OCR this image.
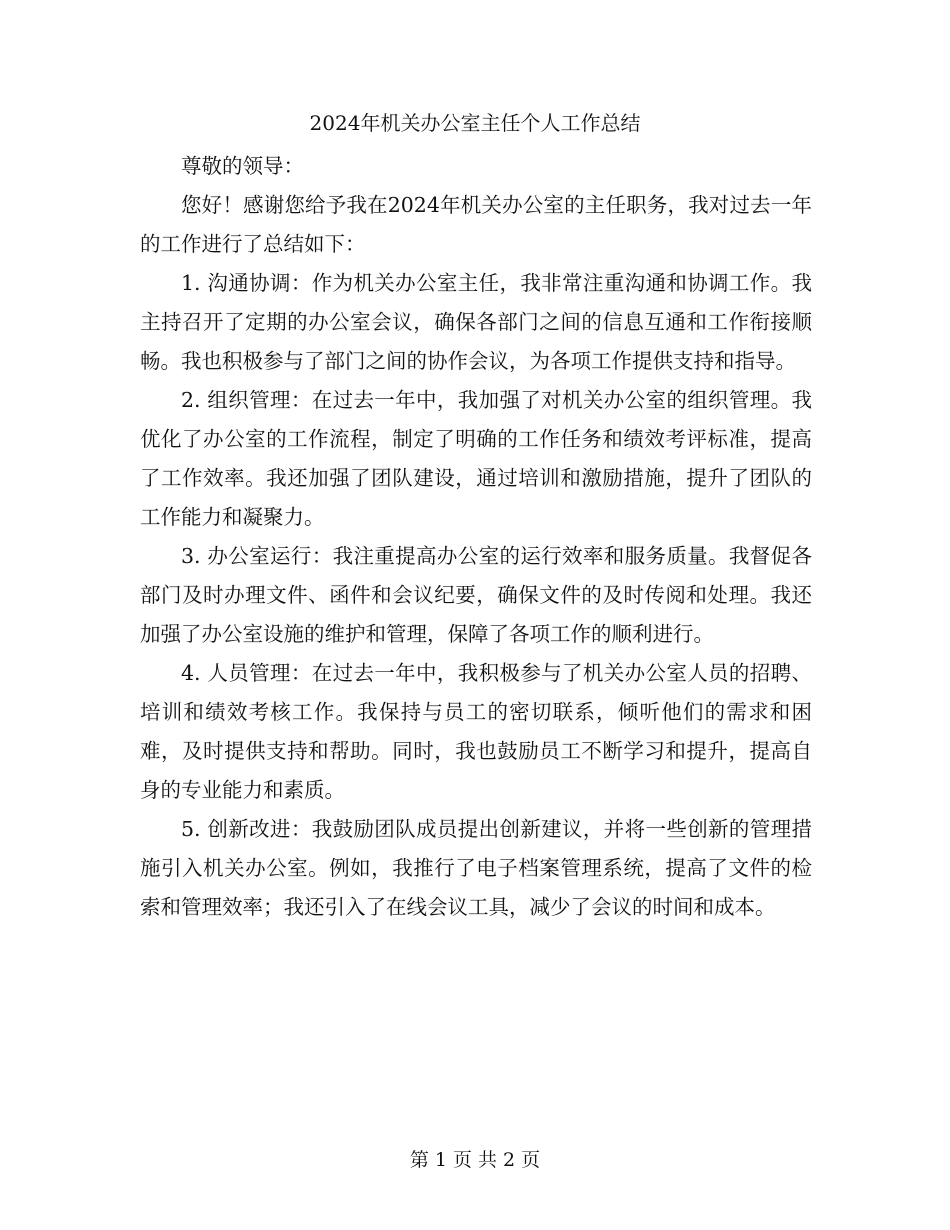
2024年机关办公室主任个人工作总结

尊敬的领导：

您好！感谢您给予我在2024年机关办公室的主任职务，我对过去一年的工作进行了总结如下：

1. 沟通协调：作为机关办公室主任，我非常注重沟通和协调工作。我主持召开了定期的办公室会议，确保各部门之间的信息互通和工作衔接顺畅。我也积极参与了部门之间的协作会议，为各项工作提供支持和指导。

2. 组织管理：在过去一年中，我加强了对机关办公室的组织管理。我优化了办公室的工作流程，制定了明确的工作任务和绩效考评标准，提高了工作效率。我还加强了团队建设，通过培训和激励措施，提升了团队的工作能力和凝聚力。

3. 办公室运行：我注重提高办公室的运行效率和服务质量。我督促各部门及时办理文件、函件和会议纪要，确保文件的及时传阅和处理。我还加强了办公室设施的维护和管理，保障了各项工作的顺利进行。

4. 人员管理：在过去一年中，我积极参与了机关办公室人员的招聘、培训和绩效考核工作。我保持与员工的密切联系，倾听他们的需求和困难，及时提供支持和帮助。同时，我也鼓励员工不断学习和提升，提高自身的专业能力和素质。

5. 创新改进：我鼓励团队成员提出创新建议，并将一些创新的管理措施引入机关办公室。例如，我推行了电子档案管理系统，提高了文件的检索和管理效率；我还引入了在线会议工具，减少了会议的时间和成本。

第 1 页 共 2 页
